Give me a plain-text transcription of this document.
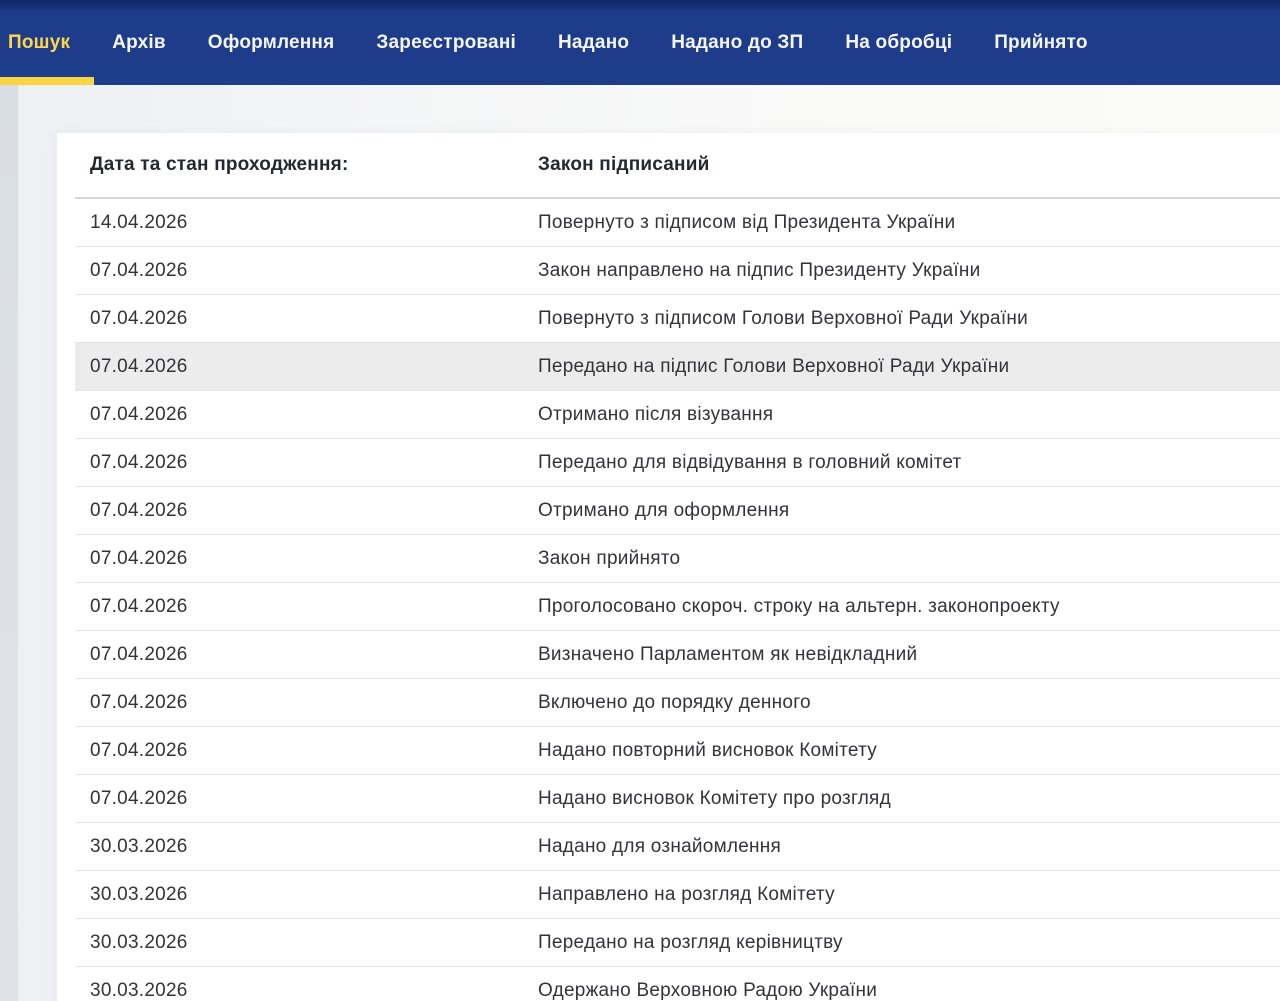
Пошук Архів Оформлення Зареєстровані Надано Надано до ЗП На обробці Прийнято
Дата та стан проходження:	Закон підписаний
14.04.2026	Повернуто з підписом від Президента України
07.04.2026	Закон направлено на підпис Президенту України
07.04.2026	Повернуто з підписом Голови Верховної Ради України
07.04.2026	Передано на підпис Голови Верховної Ради України
07.04.2026	Отримано після візування
07.04.2026	Передано для відвідування в головний комітет
07.04.2026	Отримано для оформлення
07.04.2026	Закон прийнято
07.04.2026	Проголосовано скороч. строку на альтерн. законопроекту
07.04.2026	Визначено Парламентом як невідкладний
07.04.2026	Включено до порядку денного
07.04.2026	Надано повторний висновок Комітету
07.04.2026	Надано висновок Комітету про розгляд
30.03.2026	Надано для ознайомлення
30.03.2026	Направлено на розгляд Комітету
30.03.2026	Передано на розгляд керівництву
30.03.2026	Одержано Верховною Радою України
